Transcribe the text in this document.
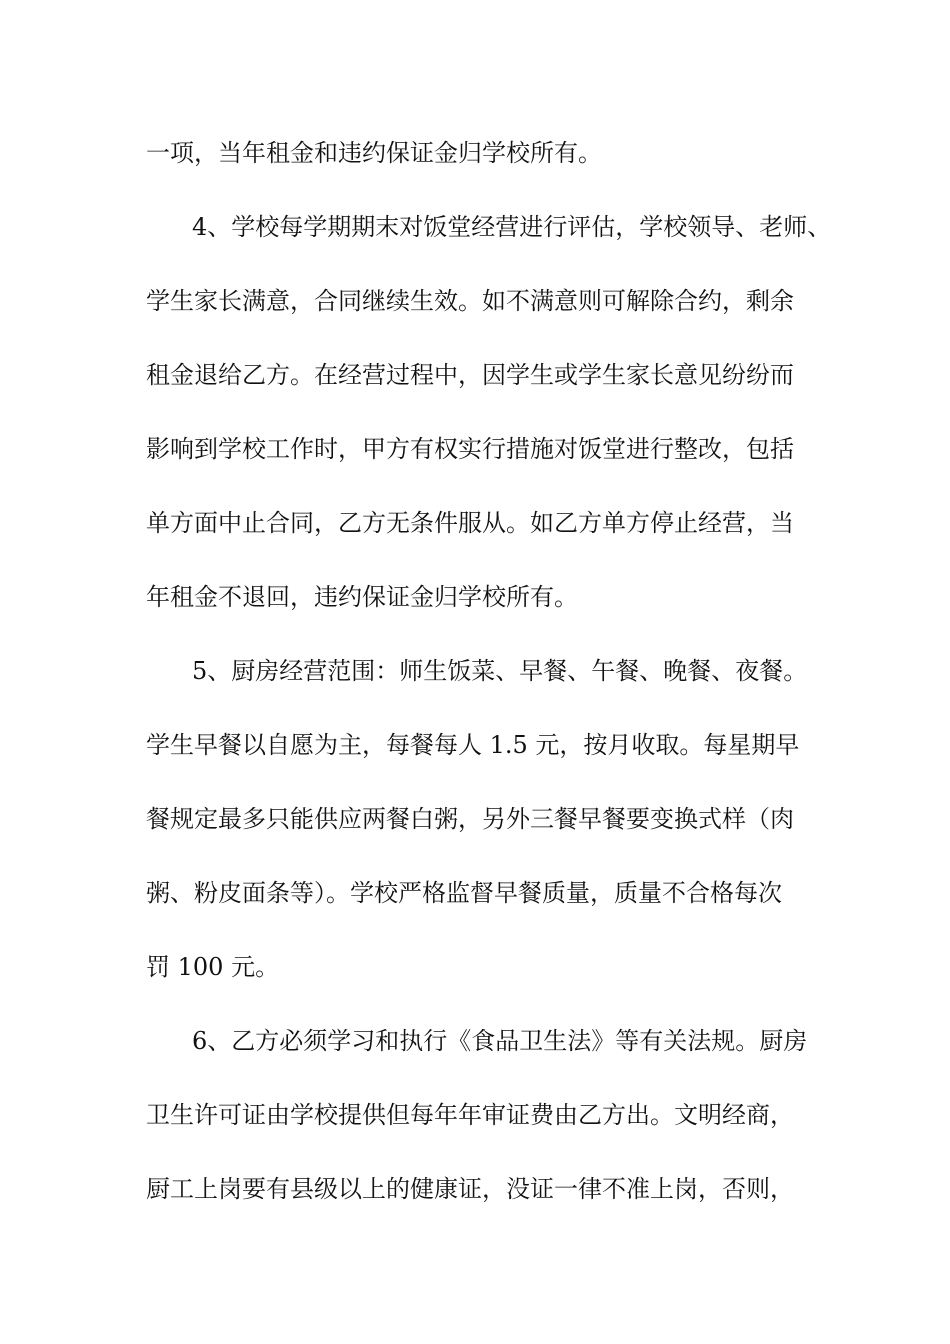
一项，当年租金和违约保证金归学校所有。
4、学校每学期期末对饭堂经营进行评估，学校领导、老师、
学生家长满意，合同继续生效。如不满意则可解除合约，剩余
租金退给乙方。在经营过程中，因学生或学生家长意见纷纷而
影响到学校工作时，甲方有权实行措施对饭堂进行整改，包括
单方面中止合同，乙方无条件服从。如乙方单方停止经营，当
年租金不退回，违约保证金归学校所有。
5、厨房经营范围：师生饭菜、早餐、午餐、晚餐、夜餐。
学生早餐以自愿为主，每餐每人 1.5 元，按月收取。每星期早
餐规定最多只能供应两餐白粥，另外三餐早餐要变换式样（肉
粥、粉皮面条等）。学校严格监督早餐质量，质量不合格每次
罚 100 元。
6、乙方必须学习和执行《食品卫生法》等有关法规。厨房
卫生许可证由学校提供但每年年审证费由乙方出。文明经商，
厨工上岗要有县级以上的健康证，没证一律不准上岗，否则，
